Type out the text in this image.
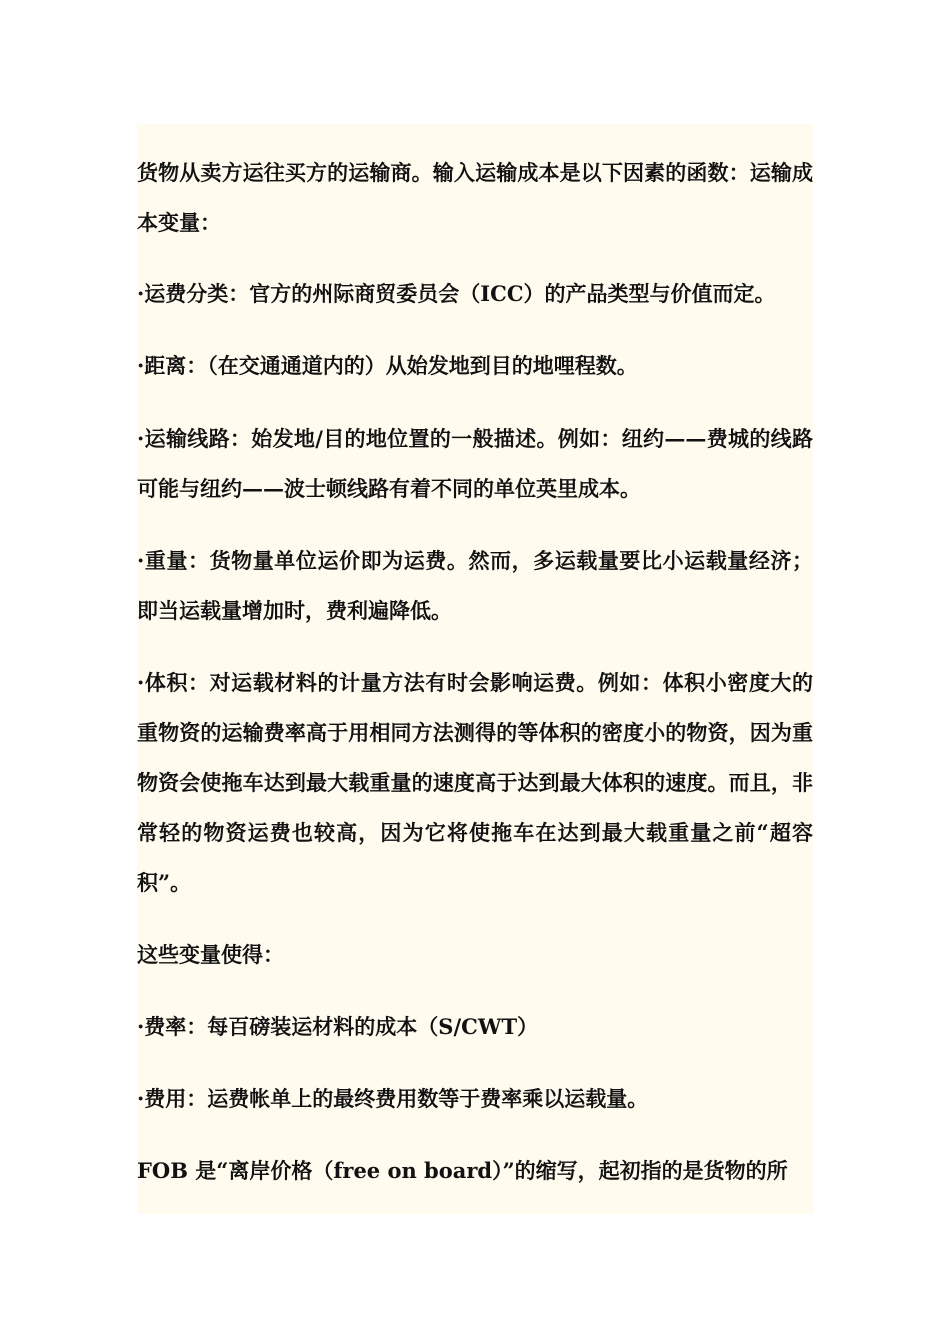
货物从卖方运往买方的运输商。输入运输成本是以下因素的函数：运输成本变量：

·运费分类：官方的州际商贸委员会（ICC）的产品类型与价值而定。

·距离：（在交通通道内的）从始发地到目的地哩程数。

·运输线路：始发地/目的地位置的一般描述。例如：纽约——费城的线路可能与纽约——波士顿线路有着不同的单位英里成本。

·重量：货物量单位运价即为运费。然而，多运载量要比小运载量经济；即当运载量增加时，费利遍降低。

·体积：对运载材料的计量方法有时会影响运费。例如：体积小密度大的重物资的运输费率高于用相同方法测得的等体积的密度小的物资，因为重物资会使拖车达到最大载重量的速度高于达到最大体积的速度。而且，非常轻的物资运费也较高，因为它将使拖车在达到最大载重量之前“超容积”。

这些变量使得：

·费率：每百磅装运材料的成本（S/CWT）

·费用：运费帐单上的最终费用数等于费率乘以运载量。

FOB 是“离岸价格（free on board）”的缩写，起初指的是货物的所
